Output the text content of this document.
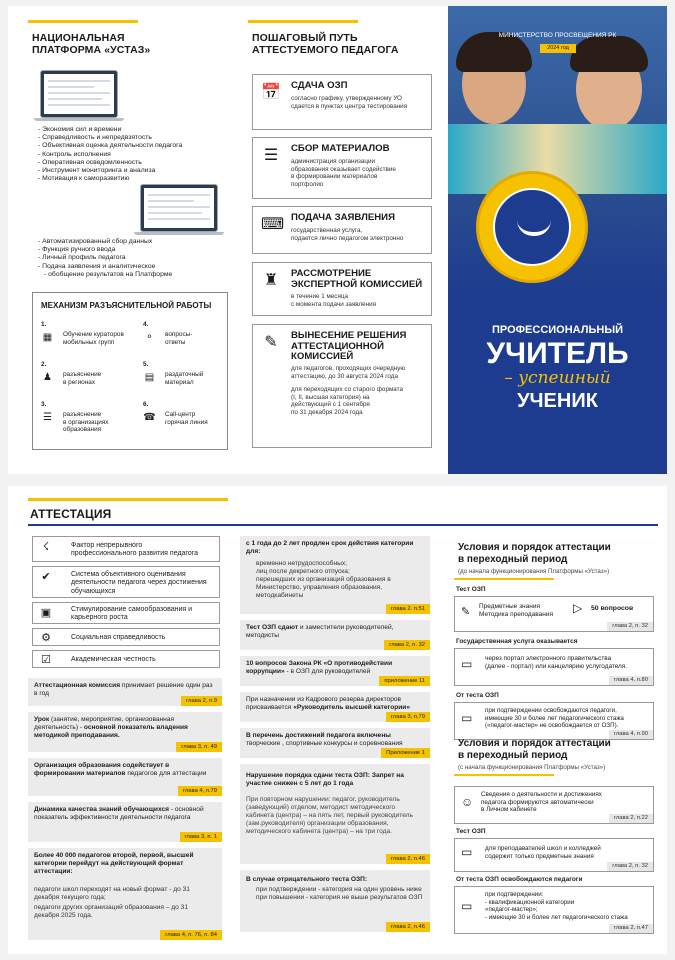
НАЦИОНАЛЬНАЯ
ПЛАТФОРМА «УСТАЗ»
- Экономия сил и времени
- Справедливость и непредвзятость
- Объективная оценка деятельности педагога
- Контроль исполнения
- Оперативная осведомленность
- Инструмент мониторинга и анализа
- Мотивация к саморазвитию
- Автоматизированный сбор данных
- Функция ручного ввода
- Личный профиль педагога
- Подача заявления и аналитическое
- обобщение результатов на Платформе
МЕХАНИЗМ РАЗЪЯСНИТЕЛЬНОЙ РАБОТЫ
1.
▦ Обучение кураторов
мобильных групп
2.
♟	разъяснение
в регионах
3.
☰	разъяснение
в организациях
образования
4.
⚬	вопросы-
ответы
5.
▤ раздаточный
материал
6.
☎ Call-центр
горячая линия
ПОШАГОВЫЙ ПУТЬ
АТТЕСТУЕМОГО ПЕДАГОГА
📅 СДАЧА ОЗП
согласно графику, утвержденному УО
сдается в пунктах центра тестирования
☰ СБОР МАТЕРИАЛОВ
администрация организации
образования оказывает содействие
в формировании материалов
портфолио
⌨ ПОДАЧА ЗАЯВЛЕНИЯ
государственная услуга,
подается лично педагогом электронно
♜ РАССМОТРЕНИЕ
ЭКСПЕРТНОЙ КОМИССИЕЙ
в течение 1 месяца
с момента подачи заявления
✎	ВЫНЕСЕНИЕ РЕШЕНИЯ
АТТЕСТАЦИОННОЙ
КОМИССИЕЙ
для педагогов, проходящих очередную
аттестацию, до 30 августа 2024 года
для переходящих со старого формата
(I, II, высшая категория) на
действующий с 1 сентября
по 31 декабря 2024 года
МИНИСТЕРСТВО ПРОСВЕЩЕНИЯ РК
2024 год
ПРОФЕССИОНАЛЬНЫЙ
УЧИТЕЛЬ
– успешный
УЧЕНИК
АТТЕСТАЦИЯ
☇	Фактор непрерывного
профессионального развития педагога
✔	Система объективного оценивания
деятельности педагога через достижения
обучающихся
▣	Стимулирование самообразования и
карьерного роста
⚙	Социальная справедливость
☑	Академическая честность
Аттестационная комиссия принимает решение один раз в год
глава 2, п.9
Урок (занятие, мероприятие, организованная деятельность) - основной показатель владения методикой преподавания.
глава 3, п. 49
Организация образования содействует в формировании материалов педагогов для аттестации
глава 4, п.79
Динамика качества знаний обучающихся - основной показатель эффективности деятельности педагога
глава 3, п. 1
Более 40 000 педагогов второй, первой, высшей категории перейдут на действующий формат аттестации:
педагоги школ переходят на новый формат - до 31 декабря текущего года;
педагоги других организаций образования – до 31 декабря 2025 года.
глава 4, п. 76, п. 84
с 1 года до 2 лет продлен срок действия категории для:
временно нетрудоспособных;
лиц после декретного отпуска;
перешедших из организаций образования в Министерство, управления образования, методкабинеты
глава 2. п.51
Тест ОЗП сдают и заместители руководителей, методисты
глава 2, п. 32
10 вопросов Закона РК «О противодействии коррупции» - в ОЗП для руководителей
приложение 11
При назначении из Кадрового резерва директоров присваивается «Руководитель высшей категории»
глава 3, п.79
В перечень достижений педагога включены творческие , спортивные конкурсы и соревнования
Приложение 1
Нарушение порядка сдачи теста ОЗП: Запрет на участие снижен с 5 лет до 1 года
При повторном нарушении: педагог, руководитель (заведующий) отделом, методист методического кабинета (центра) – на пять лет, первый руководитель (зам.руководителя) организации образования, методического кабинета (центра) – на три года.
глава 2, п.46
В случае отрицательного теста ОЗП:
при подтверждении - категория на один уровень ниже
при повышении - категория не выше результатов ОЗП
глава 2, п.46
Условия и порядок аттестации
в переходный период
(до начала функционирования Платформы «Устаз»)
Тест ОЗП
✎ Предметные знания
Методика преподавания ▷ 50 вопросов
глава 2, п. 32
Государственная услуга оказывается
▭ через портал электронного правительства
(далее - портал) или канцелярию услугодателя.
глава 4, п.80
От теста ОЗП
▭
при подтверждении освобождаются педагоги,
имеющие 30 и более лет педагогического стажа
(«педагог-мастер» не освобождается от ОЗП).
глава 4, п.90
Условия и порядок аттестации
в переходный период
(с начала функционирования Платформы «Устаз»)
☺
Сведения о деятельности и достижениях
педагога формируются автоматически
в Личном кабинете
глава 2, п.22
Тест ОЗП
▭ для преподавателей школ и колледжей
содержит только предметные знания
глава 2, п. 32
От теста ОЗП освобождаются педагоги
▭
при подтверждении:
- квалификационной категории
«педагог-мастер»;
- имеющие 30 и более лет педагогического стажа
глава 2, п.47
